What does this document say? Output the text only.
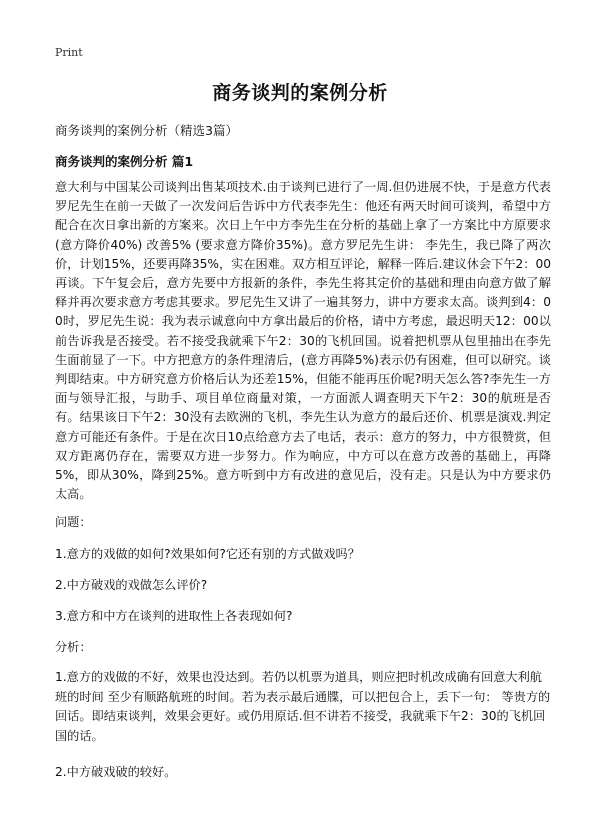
Print
商务谈判的案例分析
商务谈判的案例分析（精选3篇）
商务谈判的案例分析 篇1
意大利与中国某公司谈判出售某项技术.由于谈判已进行了一周.但仍进展不快，于是意方代表罗尼先生在前一天做了一次发问后告诉中方代表李先生：他还有两天时间可谈判，希望中方配合在次日拿出新的方案来。次日上午中方李先生在分析的基础上拿了一方案比中方原要求 (意方降价40%) 改善5% (要求意方降价35%)。意方罗尼先生讲： 李先生，我已降了两次价，计划15%，还要再降35%，实在困难。双方相互评论，解释一阵后.建议休会下午2：00再谈。下午复会后，意方先要中方报新的条件，李先生将其定价的基础和理由向意方做了解释并再次要求意方考虑其要求。罗尼先生又讲了一遍其努力，讲中方要求太高。谈判到4：00时，罗尼先生说：我为表示诚意向中方拿出最后的价格，请中方考虑，最迟明天12：00以前告诉我是否接受。若不接受我就乘下午2：30的飞机回国。说着把机票从包里抽出在李先生面前显了一下。中方把意方的条件理清后，(意方再降5%)表示仍有困难，但可以研究。谈判即结束。中方研究意方价格后认为还差15%，但能不能再压价呢?明天怎么答?李先生一方面与领导汇报，与助手、项目单位商量对策，一方面派人调查明天下午2：30的航班是否有。结果该日下午2：30没有去欧洲的飞机，李先生认为意方的最后还价、机票是演戏.判定意方可能还有条件。于是在次日10点给意方去了电话，表示：意方的努力，中方很赞赏，但双方距离仍存在，需要双方进一步努力。作为响应，中方可以在意方改善的基础上，再降5%，即从30%，降到25%。意方听到中方有改进的意见后，没有走。只是认为中方要求仍太高。
问题：
1.意方的戏做的如何?效果如何?它还有别的方式做戏吗？
2.中方破戏的戏做怎么评价?
3.意方和中方在谈判的进取性上各表现如何?
分析：
1.意方的戏做的不好，效果也没达到。若仍以机票为道具，则应把时机改成确有回意大利航班的时间 至少有顺路航班的时间。若为表示最后通牒，可以把包合上，丢下一句： 等贵方的回话。即结束谈判，效果会更好。或仍用原话.但不讲若不接受，我就乘下午2：30的飞机回国的话。
2.中方破戏破的较好。
